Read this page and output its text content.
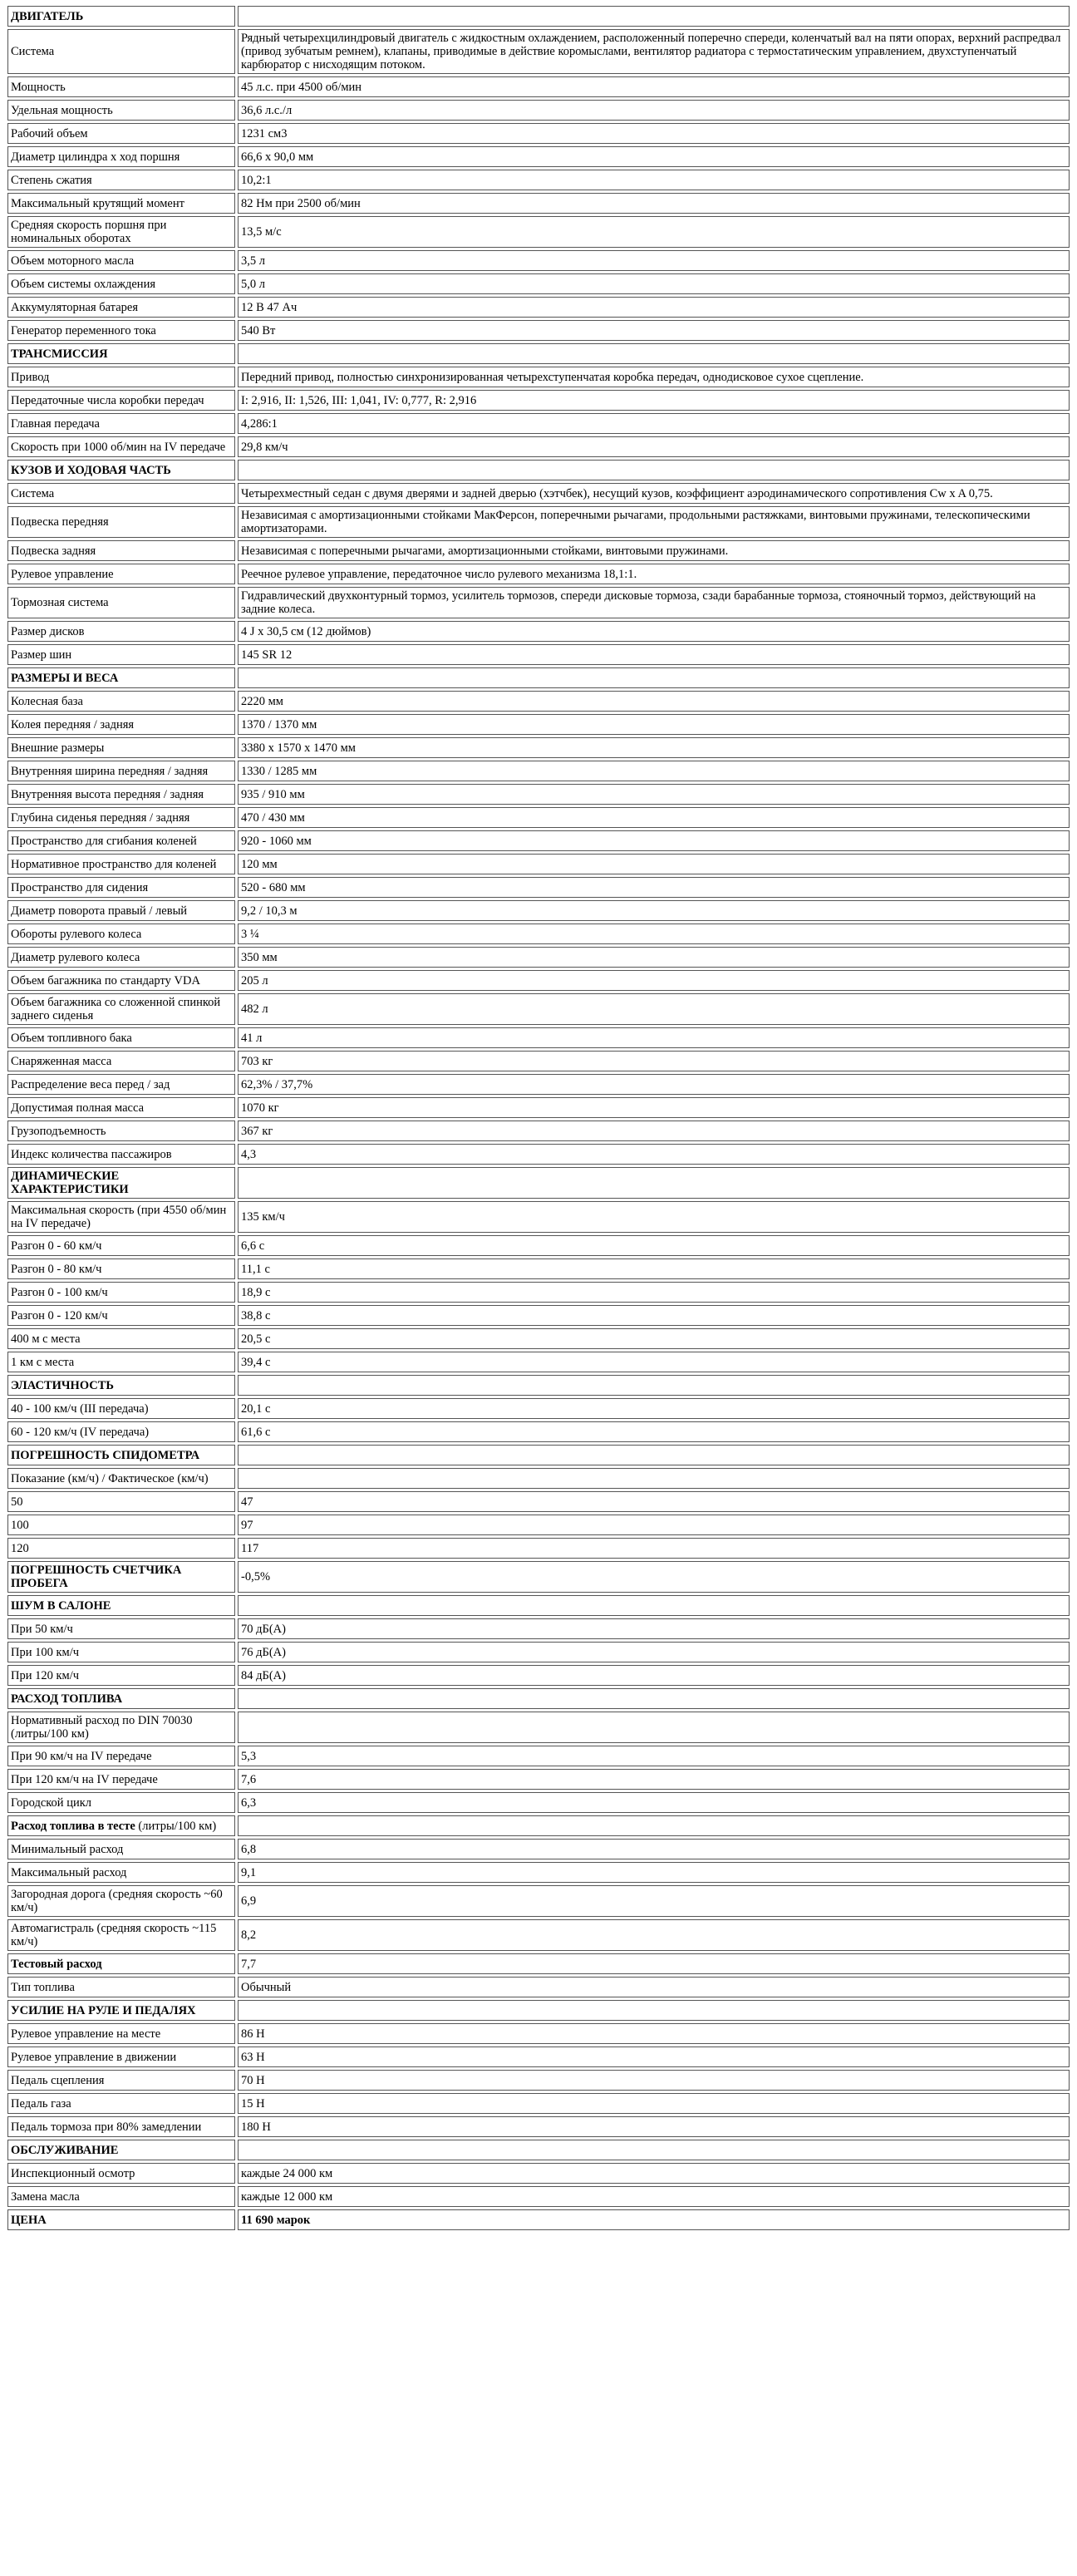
ДВИГАТЕЛЬ	
Система	Рядный четырехцилиндровый двигатель с жидкостным охлаждением, расположенный поперечно спереди, коленчатый вал на пяти опорах, верхний распредвал (привод зубчатым ремнем), клапаны, приводимые в действие коромыслами, вентилятор радиатора с термостатическим управлением, двухступенчатый карбюратор с нисходящим потоком.
Мощность	45 л.с. при 4500 об/мин
Удельная мощность	36,6 л.с./л
Рабочий объем	1231 см3
Диаметр цилиндра x ход поршня	66,6 x 90,0 мм
Степень сжатия	10,2:1
Максимальный крутящий момент	82 Нм при 2500 об/мин
Средняя скорость поршня при номинальных оборотах	13,5 м/с
Объем моторного масла	3,5 л
Объем системы охлаждения	5,0 л
Аккумуляторная батарея	12 В 47 Ач
Генератор переменного тока	540 Вт
ТРАНСМИССИЯ	
Привод	Передний привод, полностью синхронизированная четырехступенчатая коробка передач, однодисковое сухое сцепление.
Передаточные числа коробки передач	I: 2,916, II: 1,526, III: 1,041, IV: 0,777, R: 2,916
Главная передача	4,286:1
Скорость при 1000 об/мин на IV передаче	29,8 км/ч
КУЗОВ И ХОДОВАЯ ЧАСТЬ	
Система	Четырехместный седан с двумя дверями и задней дверью (хэтчбек), несущий кузов, коэффициент аэродинамического сопротивления Cw x A 0,75.
Подвеска передняя	Независимая с амортизационными стойками МакФерсон, поперечными рычагами, продольными растяжками, винтовыми пружинами, телескопическими амортизаторами.
Подвеска задняя	Независимая с поперечными рычагами, амортизационными стойками, винтовыми пружинами.
Рулевое управление	Реечное рулевое управление, передаточное число рулевого механизма 18,1:1.
Тормозная система	Гидравлический двухконтурный тормоз, усилитель тормозов, спереди дисковые тормоза, сзади барабанные тормоза, стояночный тормоз, действующий на задние колеса.
Размер дисков	4 J x 30,5 см (12 дюймов)
Размер шин	145 SR 12
РАЗМЕРЫ И ВЕСА	
Колесная база	2220 мм
Колея передняя / задняя	1370 / 1370 мм
Внешние размеры	3380 x 1570 x 1470 мм
Внутренняя ширина передняя / задняя	1330 / 1285 мм
Внутренняя высота передняя / задняя	935 / 910 мм
Глубина сиденья передняя / задняя	470 / 430 мм
Пространство для сгибания коленей	920 - 1060 мм
Нормативное пространство для коленей	120 мм
Пространство для сидения	520 - 680 мм
Диаметр поворота правый / левый	9,2 / 10,3 м
Обороты рулевого колеса	3 ¼
Диаметр рулевого колеса	350 мм
Объем багажника по стандарту VDA	205 л
Объем багажника со сложенной спинкой заднего сиденья	482 л
Объем топливного бака	41 л
Снаряженная масса	703 кг
Распределение веса перед / зад	62,3% / 37,7%
Допустимая полная масса	1070 кг
Грузоподъемность	367 кг
Индекс количества пассажиров	4,3
ДИНАМИЧЕСКИЕ ХАРАКТЕРИСТИКИ	
Максимальная скорость (при 4550 об/мин на IV передаче)	135 км/ч
Разгон 0 - 60 км/ч	6,6 с
Разгон 0 - 80 км/ч	11,1 с
Разгон 0 - 100 км/ч	18,9 с
Разгон 0 - 120 км/ч	38,8 с
400 м с места	20,5 с
1 км с места	39,4 с
ЭЛАСТИЧНОСТЬ	
40 - 100 км/ч (III передача)	20,1 с
60 - 120 км/ч (IV передача)	61,6 с
ПОГРЕШНОСТЬ СПИДОМЕТРА	
Показание (км/ч) / Фактическое (км/ч)	
50	47
100	97
120	117
ПОГРЕШНОСТЬ СЧЕТЧИКА ПРОБЕГА	-0,5%
ШУМ В САЛОНЕ	
При 50 км/ч	70 дБ(А)
При 100 км/ч	76 дБ(А)
При 120 км/ч	84 дБ(А)
РАСХОД ТОПЛИВА	
Нормативный расход по DIN 70030 (литры/100 км)	
При 90 км/ч на IV передаче	5,3
При 120 км/ч на IV передаче	7,6
Городской цикл	6,3
Расход топлива в тесте (литры/100 км)	
Минимальный расход	6,8
Максимальный расход	9,1
Загородная дорога (средняя скорость ~60 км/ч)	6,9
Автомагистраль (средняя скорость ~115 км/ч)	8,2
Тестовый расход	7,7
Тип топлива	Обычный
УСИЛИЕ НА РУЛЕ И ПЕДАЛЯХ	
Рулевое управление на месте	86 Н
Рулевое управление в движении	63 Н
Педаль сцепления	70 Н
Педаль газа	15 Н
Педаль тормоза при 80% замедлении	180 Н
ОБСЛУЖИВАНИЕ	
Инспекционный осмотр	каждые 24 000 км
Замена масла	каждые 12 000 км
ЦЕНА	11 690 марок
